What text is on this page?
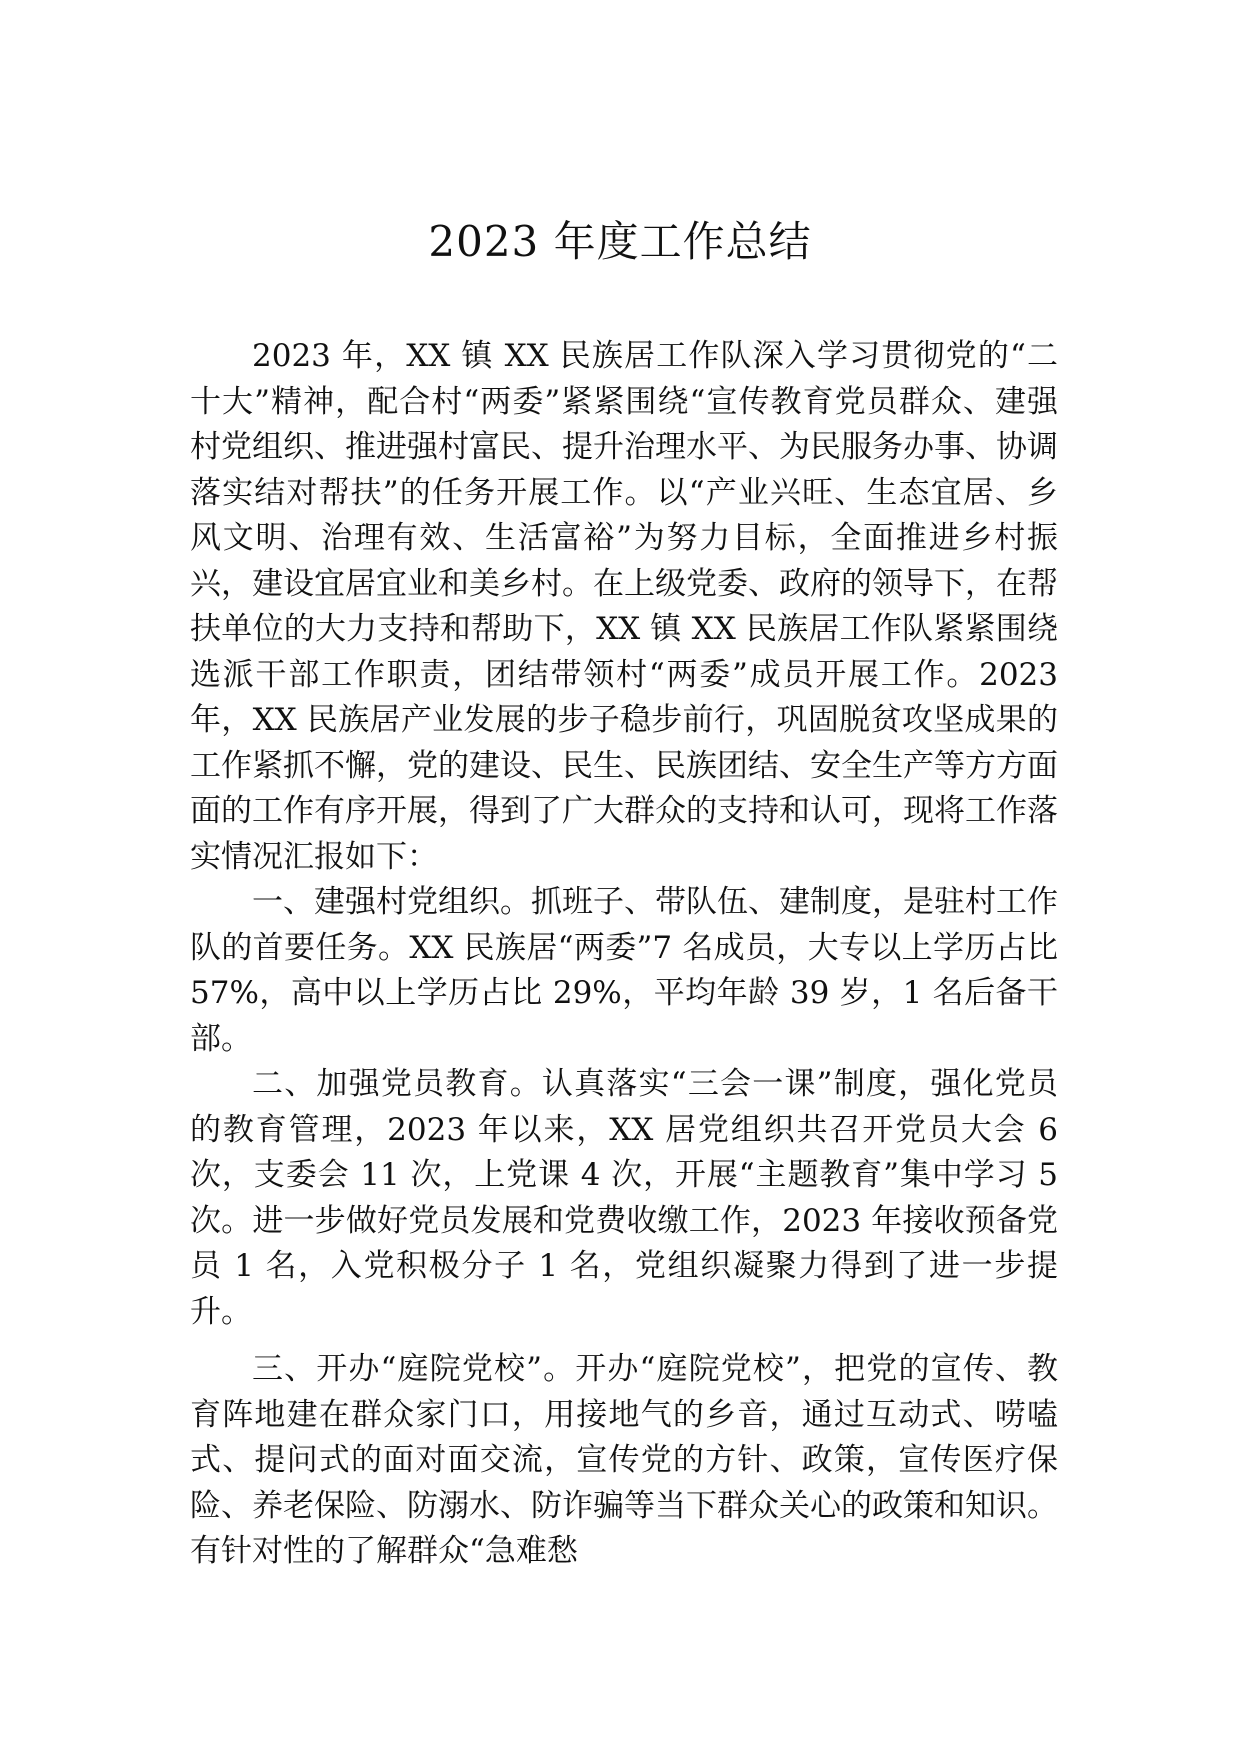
2023 年度工作总结

2023 年，XX 镇 XX 民族居工作队深入学习贯彻党的“二十大”精神，配合村“两委”紧紧围绕“宣传教育党员群众、建强村党组织、推进强村富民、提升治理水平、为民服务办事、协调落实结对帮扶”的任务开展工作。以“产业兴旺、生态宜居、乡风文明、治理有效、生活富裕”为努力目标，全面推进乡村振兴，建设宜居宜业和美乡村。在上级党委、政府的领导下，在帮扶单位的大力支持和帮助下，XX 镇 XX 民族居工作队紧紧围绕选派干部工作职责，团结带领村“两委”成员开展工作。2023 年，XX 民族居产业发展的步子稳步前行，巩固脱贫攻坚成果的工作紧抓不懈，党的建设、民生、民族团结、安全生产等方方面面的工作有序开展，得到了广大群众的支持和认可，现将工作落实情况汇报如下：

一、建强村党组织。抓班子、带队伍、建制度，是驻村工作队的首要任务。XX 民族居“两委”7 名成员，大专以上学历占比 57%，高中以上学历占比 29%，平均年龄 39 岁，1 名后备干部。

二、加强党员教育。认真落实“三会一课”制度，强化党员的教育管理，2023 年以来，XX 居党组织共召开党员大会 6 次，支委会 11 次，上党课 4 次，开展“主题教育”集中学习 5 次。进一步做好党员发展和党费收缴工作，2023 年接收预备党员 1 名，入党积极分子 1 名，党组织凝聚力得到了进一步提升。

三、开办“庭院党校”。开办“庭院党校”，把党的宣传、教育阵地建在群众家门口，用接地气的乡音，通过互动式、唠嗑式、提问式的面对面交流，宣传党的方针、政策，宣传医疗保险、养老保险、防溺水、防诈骗等当下群众关心的政策和知识。有针对性的了解群众“急难愁
